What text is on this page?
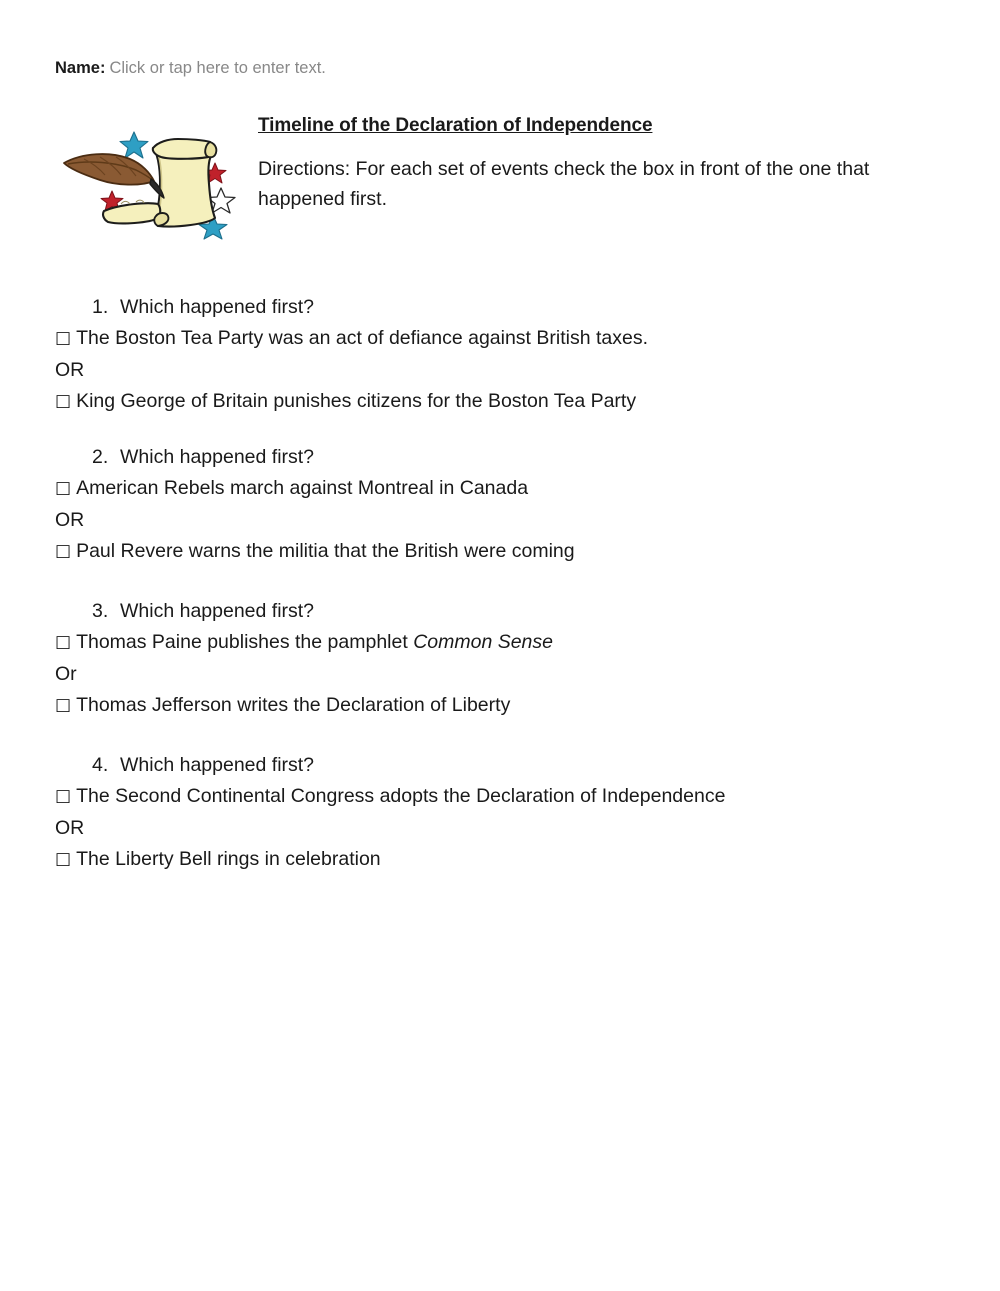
Name: Click or tap here to enter text.
Timeline of the Declaration of Independence
Directions: For each set of events check the box in front of the one that happened first.
1. Which happened first?
□ The Boston Tea Party was an act of defiance against British taxes.
OR
□ King George of Britain punishes citizens for the Boston Tea Party
2. Which happened first?
□ American Rebels march against Montreal in Canada
OR
□ Paul Revere warns the militia that the British were coming
3. Which happened first?
□ Thomas Paine publishes the pamphlet Common Sense
Or
□ Thomas Jefferson writes the Declaration of Liberty
4. Which happened first?
□ The Second Continental Congress adopts the Declaration of Independence
OR
□ The Liberty Bell rings in celebration
